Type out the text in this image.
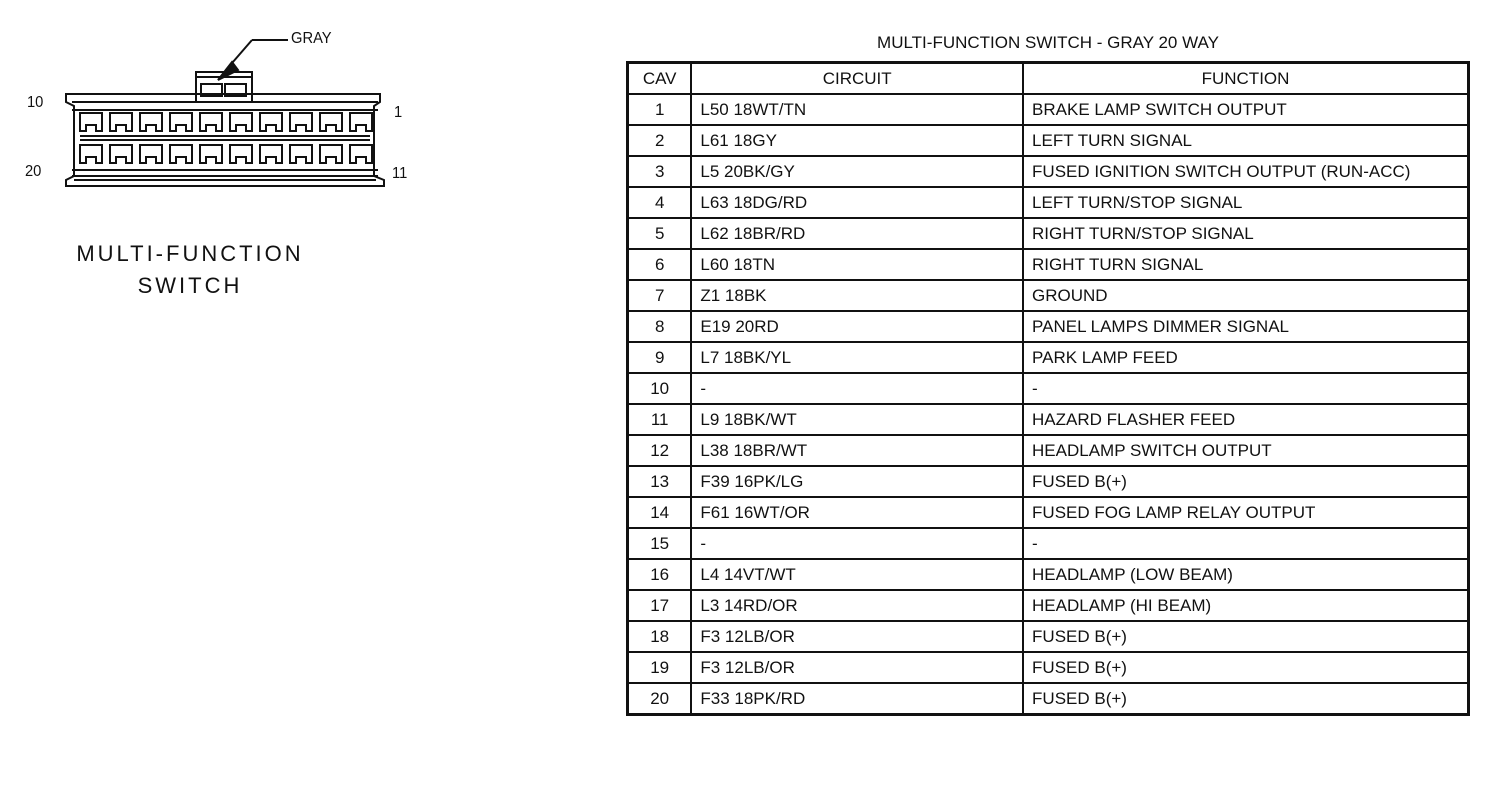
GRAY
10
1
20	11
MULTI-FUNCTION
SWITCH
MULTI-FUNCTION SWITCH - GRAY 20 WAY
CAV	CIRCUIT	FUNCTION
1	L50 18WT/TN	BRAKE LAMP SWITCH OUTPUT
2	L61 18GY	LEFT TURN SIGNAL
3	L5 20BK/GY	FUSED IGNITION SWITCH OUTPUT (RUN-ACC)
4	L63 18DG/RD	LEFT TURN/STOP SIGNAL
5	L62 18BR/RD	RIGHT TURN/STOP SIGNAL
6	L60 18TN	RIGHT TURN SIGNAL
7	Z1 18BK	GROUND
8	E19 20RD	PANEL LAMPS DIMMER SIGNAL
9	L7 18BK/YL	PARK LAMP FEED
10	-	-
11	L9 18BK/WT	HAZARD FLASHER FEED
12	L38 18BR/WT	HEADLAMP SWITCH OUTPUT
13	F39 16PK/LG	FUSED B(+)
14	F61 16WT/OR	FUSED FOG LAMP RELAY OUTPUT
15	-	-
16	L4 14VT/WT	HEADLAMP (LOW BEAM)
17	L3 14RD/OR	HEADLAMP (HI BEAM)
18	F3 12LB/OR	FUSED B(+)
19	F3 12LB/OR	FUSED B(+)
20	F33 18PK/RD	FUSED B(+)
